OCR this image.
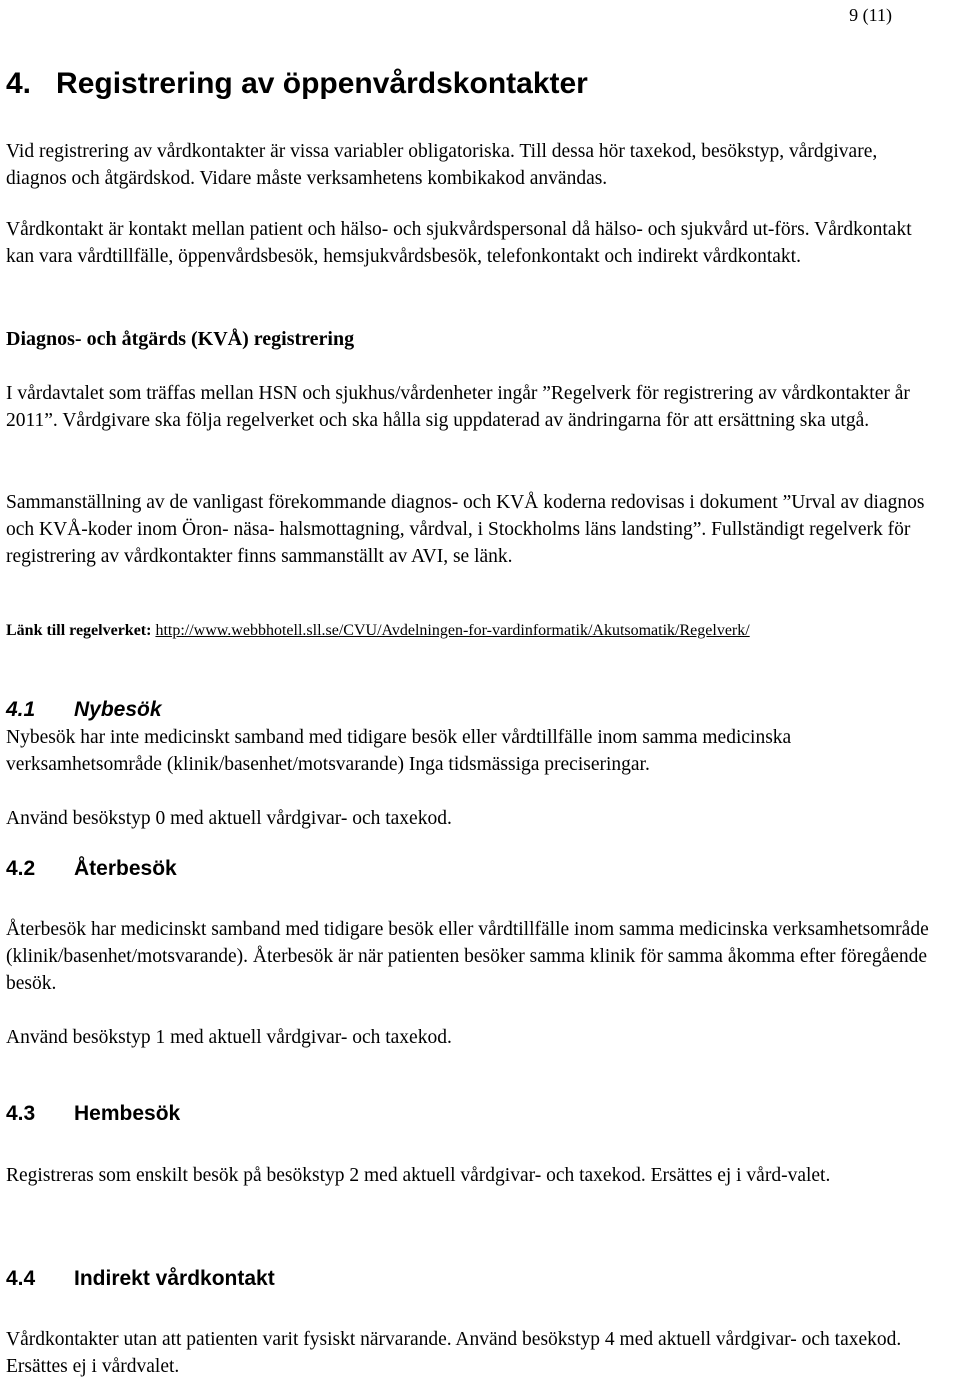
9 (11)
4.   Registrering av öppenvårdskontakter

Vid registrering av vårdkontakter är vissa variabler obligatoriska. Till dessa hör taxekod, besökstyp, vårdgivare, diagnos och åtgärdskod. Vidare måste verksamhetens kombikakod användas.

Vårdkontakt är kontakt mellan patient och hälso- och sjukvårdspersonal då hälso- och sjukvård ut-förs. Vårdkontakt kan vara vårdtillfälle, öppenvårdsbesök, hemsjukvårdsbesök, telefonkontakt och indirekt vårdkontakt.

Diagnos- och åtgärds (KVÅ) registrering

I vårdavtalet som träffas mellan HSN och sjukhus/vårdenheter ingår ”Regelverk för registrering av vårdkontakter år 2011”. Vårdgivare ska följa regelverket och ska hålla sig uppdaterad av ändringarna för att ersättning ska utgå.

Sammanställning av de vanligast förekommande diagnos- och KVÅ koderna redovisas i dokument ”Urval av diagnos och KVÅ-koder inom Öron- näsa- halsmottagning, vårdval, i Stockholms läns landsting”. Fullständigt regelverk för registrering av vårdkontakter finns sammanställt av AVI, se länk.

Länk till regelverket: http://www.webbhotell.sll.se/CVU/Avdelningen-for-vardinformatik/Akutsomatik/Regelverk/

4.1 Nybesök

Nybesök har inte medicinskt samband med tidigare besök eller vårdtillfälle inom samma medicinska verksamhetsområde (klinik/basenhet/motsvarande) Inga tidsmässiga preciseringar.

Använd besökstyp 0 med aktuell vårdgivar- och taxekod.

4.2 Återbesök

Återbesök har medicinskt samband med tidigare besök eller vårdtillfälle inom samma medicinska verksamhetsområde (klinik/basenhet/motsvarande). Återbesök är när patienten besöker samma klinik för samma åkomma efter föregående besök.

Använd besökstyp 1 med aktuell vårdgivar- och taxekod.

4.3 Hembesök

Registreras som enskilt besök på besökstyp 2 med aktuell vårdgivar- och taxekod. Ersättes ej i vård-valet.

4.4 Indirekt vårdkontakt

Vårdkontakter utan att patienten varit fysiskt närvarande. Använd besökstyp 4 med aktuell vårdgivar- och taxekod. Ersättes ej i vårdvalet.
